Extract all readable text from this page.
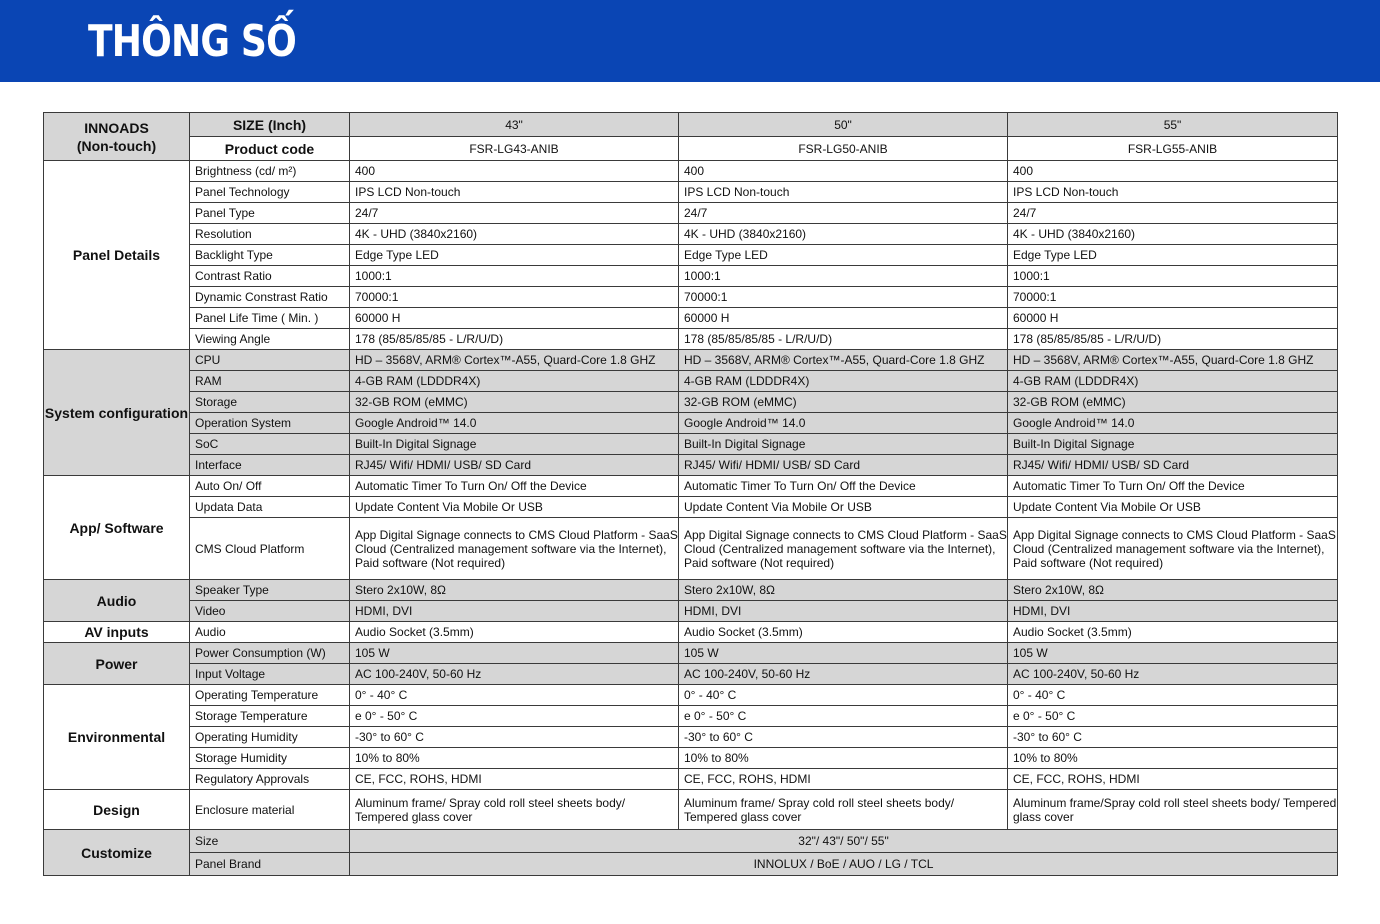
THÔNG SỐ
INNOADS
(Non-touch)	SIZE (Inch)	43"	50"	55"
	Product code	FSR-LG43-ANIB	FSR-LG50-ANIB	FSR-LG55-ANIB
Panel Details	Brightness (cd/ m²)	400	400	400
	Panel Technology	IPS LCD Non-touch	IPS LCD Non-touch	IPS LCD Non-touch
	Panel Type	24/7	24/7	24/7
	Resolution	4K - UHD (3840x2160)	4K - UHD (3840x2160)	4K - UHD (3840x2160)
	Backlight Type	Edge Type LED	Edge Type LED	Edge Type LED
	Contrast Ratio	1000:1	1000:1	1000:1
	Dynamic Constrast Ratio	70000:1	70000:1	70000:1
	Panel Life Time ( Min. )	60000 H	60000 H	60000 H
	Viewing Angle	178 (85/85/85/85 - L/R/U/D)	178 (85/85/85/85 - L/R/U/D)	178 (85/85/85/85 - L/R/U/D)
System configuration	CPU	HD – 3568V, ARM® Cortex™-A55, Quard-Core 1.8 GHZ	HD – 3568V, ARM® Cortex™-A55, Quard-Core 1.8 GHZ	HD – 3568V, ARM® Cortex™-A55, Quard-Core 1.8 GHZ
	RAM	4-GB RAM (LDDDR4X)	4-GB RAM (LDDDR4X)	4-GB RAM (LDDDR4X)
	Storage	32-GB ROM (eMMC)	32-GB ROM (eMMC)	32-GB ROM (eMMC)
	Operation System	Google Android™ 14.0	Google Android™ 14.0	Google Android™ 14.0
	SoC	Built-In Digital Signage	Built-In Digital Signage	Built-In Digital Signage
	Interface	RJ45/ Wifi/ HDMI/ USB/ SD Card	RJ45/ Wifi/ HDMI/ USB/ SD Card	RJ45/ Wifi/ HDMI/ USB/ SD Card
App/ Software	Auto On/ Off	Automatic Timer To Turn On/ Off the Device	Automatic Timer To Turn On/ Off the Device	Automatic Timer To Turn On/ Off the Device
	Updata Data	Update Content Via Mobile Or USB	Update Content Via Mobile Or USB	Update Content Via Mobile Or USB
	CMS Cloud Platform	App Digital Signage connects to CMS Cloud Platform - SaaS Cloud (Centralized management software via the Internet), Paid software (Not required)	App Digital Signage connects to CMS Cloud Platform - SaaS Cloud (Centralized management software via the Internet), Paid software (Not required)	App Digital Signage connects to CMS Cloud Platform - SaaS Cloud (Centralized management software via the Internet), Paid software (Not required)
Audio	Speaker Type	Stero 2x10W, 8Ω	Stero 2x10W, 8Ω	Stero 2x10W, 8Ω
	Video	HDMI, DVI	HDMI, DVI	HDMI, DVI
AV inputs	Audio	Audio Socket (3.5mm)	Audio Socket (3.5mm)	Audio Socket (3.5mm)
Power	Power Consumption (W)	105 W	105 W	105 W
	Input Voltage	AC 100-240V, 50-60 Hz	AC 100-240V, 50-60 Hz	AC 100-240V, 50-60 Hz
Environmental	Operating Temperature	0° - 40° C	0° - 40° C	0° - 40° C
	Storage Temperature	e 0° - 50° C	e 0° - 50° C	e 0° - 50° C
	Operating Humidity	-30° to 60° C	-30° to 60° C	-30° to 60° C
	Storage Humidity	10% to 80%	10% to 80%	10% to 80%
	Regulatory Approvals	CE, FCC, ROHS, HDMI	CE, FCC, ROHS, HDMI	CE, FCC, ROHS, HDMI
Design	Enclosure material	Aluminum frame/ Spray cold roll steel sheets body/ Tempered glass cover	Aluminum frame/ Spray cold roll steel sheets body/ Tempered glass cover	Aluminum frame/Spray cold roll steel sheets body/ Tempered glass cover
Customize	Size	32"/ 43"/ 50"/ 55"		
	Panel Brand	INNOLUX / BoE / AUO / LG / TCL		
